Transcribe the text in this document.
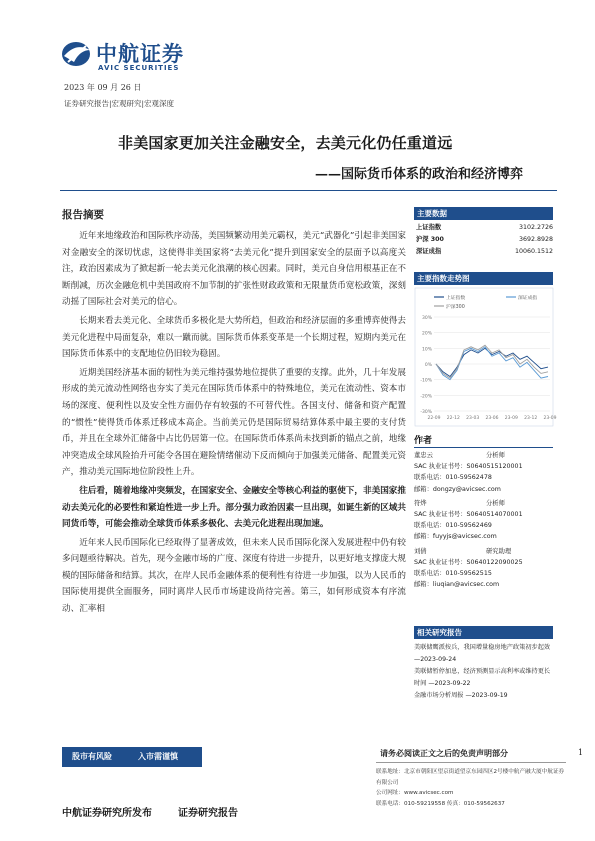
中航证券
AVIC SECURITIES
2023 年 09 月 26 日
证券研究报告|宏观研究|宏观深度
非美国家更加关注金融安全，去美元化仍任重道远
——国际货币体系的政治和经济博弈
报告摘要

近年来地缘政治和国际秩序动荡，美国频繁动用美元霸权，美元“武器化”引起非美国家对金融安全的深切忧虑，这使得非美国家将“去美元化”提升到国家安全的层面予以高度关注，政治因素成为了掀起新一轮去美元化浪潮的核心因素。同时，美元自身信用根基正在不断削减，历次金融危机中美国政府不加节制的扩张性财政政策和无限量货币宽松政策，深刻动摇了国际社会对美元的信心。

长期来看去美元化、全球货币多极化是大势所趋，但政治和经济层面的多重博弈使得去美元化进程中局面复杂，难以一蹴而就。国际货币体系变革是一个长期过程，短期内美元在国际货币体系中的支配地位仍旧较为稳固。

近期美国经济基本面的韧性为美元维持强势地位提供了重要的支撑。此外，几十年发展形成的美元流动性网络也夯实了美元在国际货币体系中的特殊地位，美元在流动性、资本市场的深度、便利性以及安全性方面仍存有较强的不可替代性。各国支付、储备和资产配置的“惯性”使得货币体系迁移成本高企。当前美元仍是国际贸易结算体系中最主要的支付货币，并且在全球外汇储备中占比仍居第一位。在国际货币体系尚未找到新的锚点之前，地缘冲突造成全球风险抬升可能令各国在避险情绪催动下反而倾向于加强美元储备、配置美元资产，推动美元国际地位阶段性上升。

往后看，随着地缘冲突频发，在国家安全、金融安全等核心利益的驱使下，非美国家推动去美元化的必要性和紧迫性进一步上升。部分强力政治因素一旦出现，如诞生新的区域共同货币等，可能会推动全球货币体系多极化、去美元化进程出现加速。

近年来人民币国际化已经取得了显著成效，但未来人民币国际化深入发展进程中仍有较多问题亟待解决。首先，现今金融市场的广度、深度有待进一步提升，以更好地支撑庞大规模的国际储备和结算。其次，在岸人民币金融体系的便利性有待进一步加强，以为人民币的国际使用提供全面服务，同时离岸人民币市场建设尚待完善。第三，如何形成资本有序流动、汇率相

主要数据
上证指数	3102.2726
沪深 300	3692.8928
深证成指	10060.1512
主要指数走势图
30%
20%
10%
0%
-10%
-20%
-30%
22-09 22-12 23-03 23-06 23-09 23-12 23-09
上证指数	深证成指
沪深300
作者
董忠云	分析师
SAC 执业证书号：S0640515120001
联系电话：010-59562478
邮箱：dongzy@avicsec.com
符烨	分析师
SAC 执业证书号：S0640514070001
联系电话：010-59562469
邮箱：fuyyjs@avicsec.com
刘倩	研究助理
SAC 执业证书号：S0640122090025
联系电话：010-59562515
邮箱：liuqian@avicsec.com
相关研究报告
美联储鹰派按兵，我国增量稳房地产政策初步起效 —2023-09-24
美联储暂停加息，经济预测显示高利率或维持更长时间 —2023-09-22
金融市场分析周报 —2023-09-19
股市有风险	入市需谨慎	请务必阅读正文之后的免责声明部分	1
联系地址：北京市朝阳区望京街道望京东园四区2号楼中航产融大厦中航证券有限公司
公司网址：www.avicsec.com
联系电话：010-59219558 传真：010-59562637
中航证券研究所发布	证券研究报告
